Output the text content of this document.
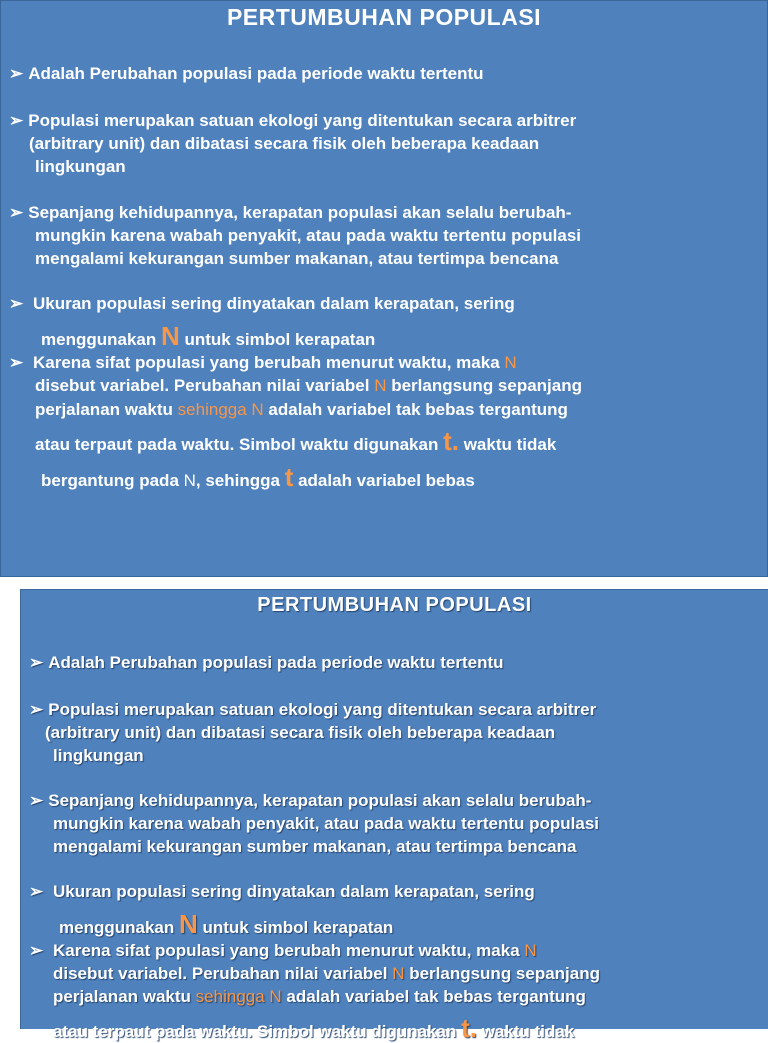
PERTUMBUHAN POPULASI
➢ Adalah Perubahan populasi pada periode waktu tertentu
➢ Populasi merupakan satuan ekologi yang ditentukan secara arbitrer
(arbitrary unit) dan dibatasi secara fisik oleh beberapa keadaan
lingkungan
➢ Sepanjang kehidupannya, kerapatan populasi akan selalu berubah-
mungkin karena wabah penyakit, atau pada waktu tertentu populasi
mengalami kekurangan sumber makanan, atau tertimpa bencana
➢ Ukuran populasi sering dinyatakan dalam kerapatan, sering
menggunakan N untuk simbol kerapatan
➢ Karena sifat populasi yang berubah menurut waktu, maka N
disebut variabel. Perubahan nilai variabel N berlangsung sepanjang
perjalanan waktu sehingga N adalah variabel tak bebas tergantung
atau terpaut pada waktu. Simbol waktu digunakan t. waktu tidak
bergantung pada N, sehingga t adalah variabel bebas
PERTUMBUHAN POPULASI
➢ Adalah Perubahan populasi pada periode waktu tertentu
➢ Populasi merupakan satuan ekologi yang ditentukan secara arbitrer
(arbitrary unit) dan dibatasi secara fisik oleh beberapa keadaan
lingkungan
➢ Sepanjang kehidupannya, kerapatan populasi akan selalu berubah-
mungkin karena wabah penyakit, atau pada waktu tertentu populasi
mengalami kekurangan sumber makanan, atau tertimpa bencana
➢ Ukuran populasi sering dinyatakan dalam kerapatan, sering
menggunakan N untuk simbol kerapatan
➢ Karena sifat populasi yang berubah menurut waktu, maka N
disebut variabel. Perubahan nilai variabel N berlangsung sepanjang
perjalanan waktu sehingga N adalah variabel tak bebas tergantung
atau terpaut pada waktu. Simbol waktu digunakan t. waktu tidak
